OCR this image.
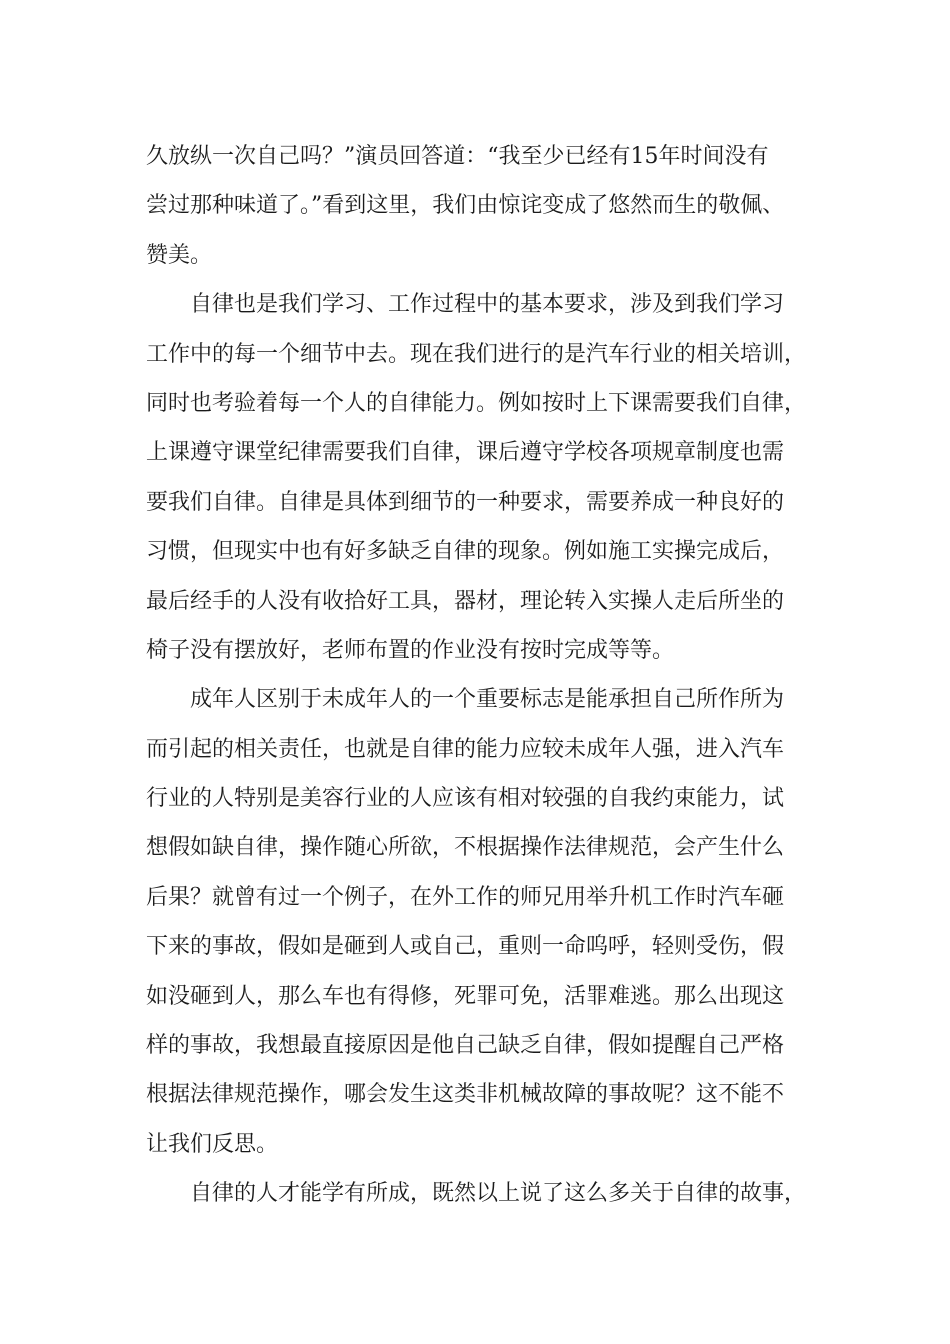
久放纵一次自己吗？”演员回答道：“我至少已经有15年时间没有
尝过那种味道了。”看到这里，我们由惊诧变成了悠然而生的敬佩、
赞美。
自律也是我们学习、工作过程中的基本要求，涉及到我们学习
工作中的每一个细节中去。现在我们进行的是汽车行业的相关培训，
同时也考验着每一个人的自律能力。例如按时上下课需要我们自律，
上课遵守课堂纪律需要我们自律，课后遵守学校各项规章制度也需
要我们自律。自律是具体到细节的一种要求，需要养成一种良好的
习惯，但现实中也有好多缺乏自律的现象。例如施工实操完成后，
最后经手的人没有收拾好工具，器材，理论转入实操人走后所坐的
椅子没有摆放好，老师布置的作业没有按时完成等等。
成年人区别于未成年人的一个重要标志是能承担自己所作所为
而引起的相关责任，也就是自律的能力应较未成年人强，进入汽车
行业的人特别是美容行业的人应该有相对较强的自我约束能力，试
想假如缺自律，操作随心所欲，不根据操作法律规范，会产生什么
后果？就曾有过一个例子，在外工作的师兄用举升机工作时汽车砸
下来的事故，假如是砸到人或自己，重则一命呜呼，轻则受伤，假
如没砸到人，那么车也有得修，死罪可免，活罪难逃。那么出现这
样的事故，我想最直接原因是他自己缺乏自律，假如提醒自己严格
根据法律规范操作，哪会发生这类非机械故障的事故呢？这不能不
让我们反思。
自律的人才能学有所成，既然以上说了这么多关于自律的故事，
